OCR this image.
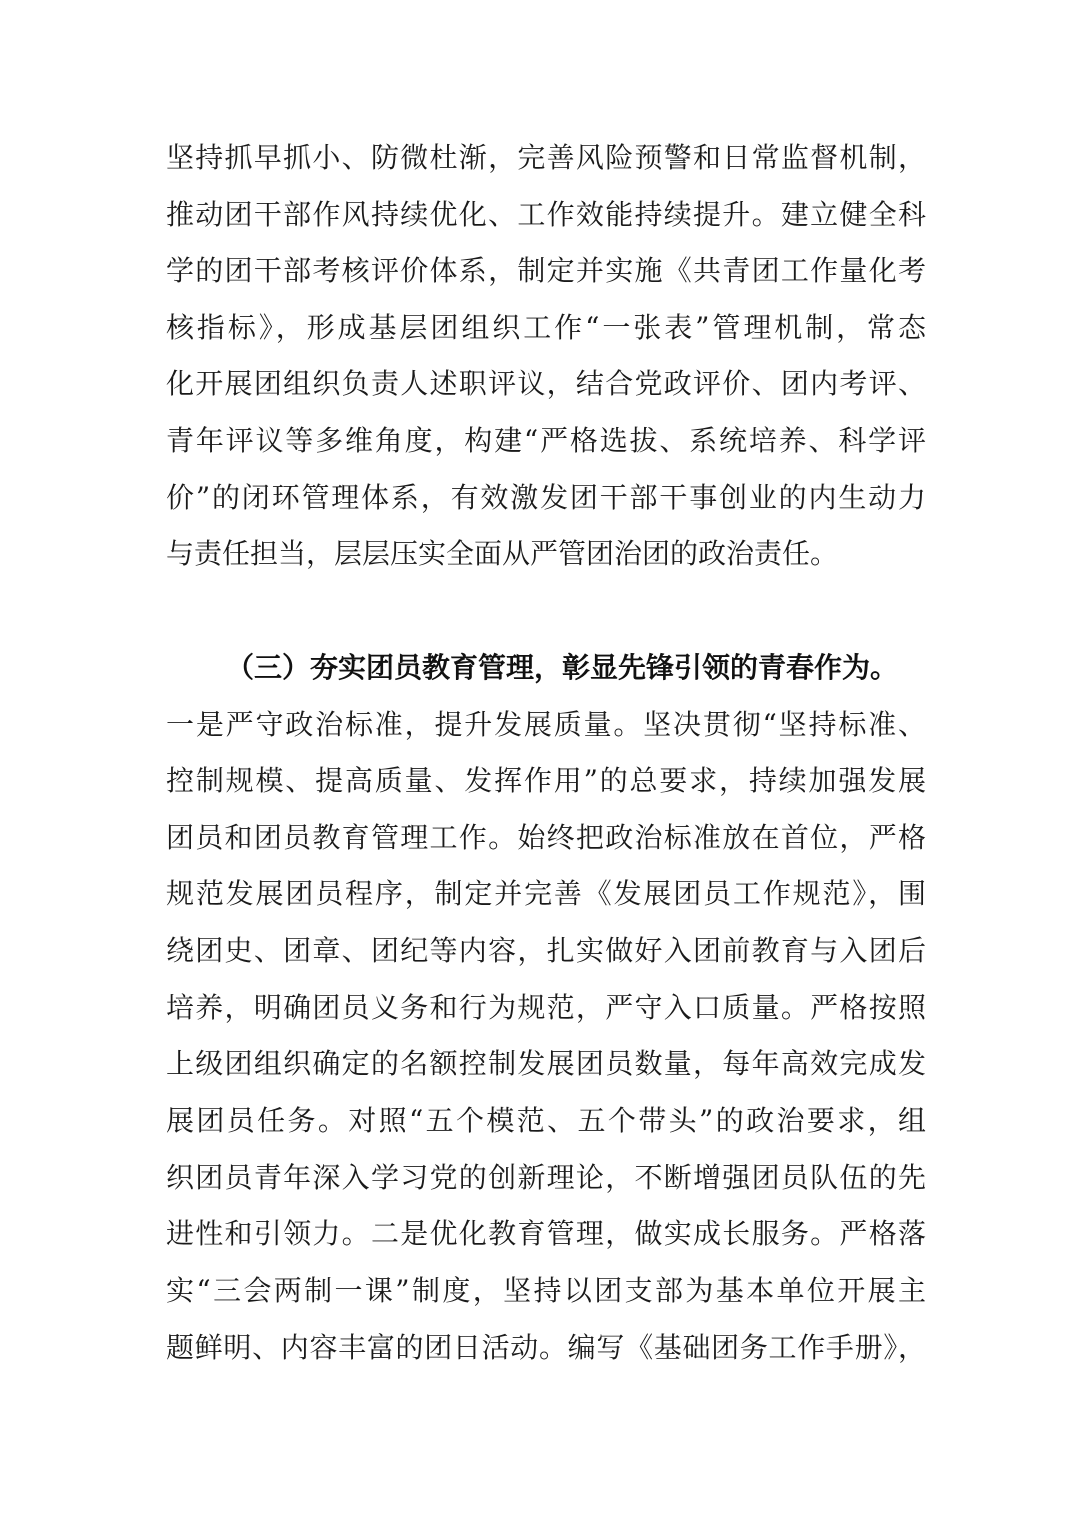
坚持抓早抓小、防微杜渐，完善风险预警和日常监督机制，
推动团干部作风持续优化、工作效能持续提升。建立健全科
学的团干部考核评价体系，制定并实施《共青团工作量化考
核指标》，形成基层团组织工作“一张表”管理机制，常态
化开展团组织负责人述职评议，结合党政评价、团内考评、
青年评议等多维角度，构建“严格选拔、系统培养、科学评
价”的闭环管理体系，有效激发团干部干事创业的内生动力
与责任担当，层层压实全面从严管团治团的政治责任。
（三）夯实团员教育管理，彰显先锋引领的青春作为。
一是严守政治标准，提升发展质量。坚决贯彻“坚持标准、
控制规模、提高质量、发挥作用”的总要求，持续加强发展
团员和团员教育管理工作。始终把政治标准放在首位，严格
规范发展团员程序，制定并完善《发展团员工作规范》，围
绕团史、团章、团纪等内容，扎实做好入团前教育与入团后
培养，明确团员义务和行为规范，严守入口质量。严格按照
上级团组织确定的名额控制发展团员数量，每年高效完成发
展团员任务。对照“五个模范、五个带头”的政治要求，组
织团员青年深入学习党的创新理论，不断增强团员队伍的先
进性和引领力。二是优化教育管理，做实成长服务。严格落
实“三会两制一课”制度，坚持以团支部为基本单位开展主
题鲜明、内容丰富的团日活动。编写《基础团务工作手册》，
